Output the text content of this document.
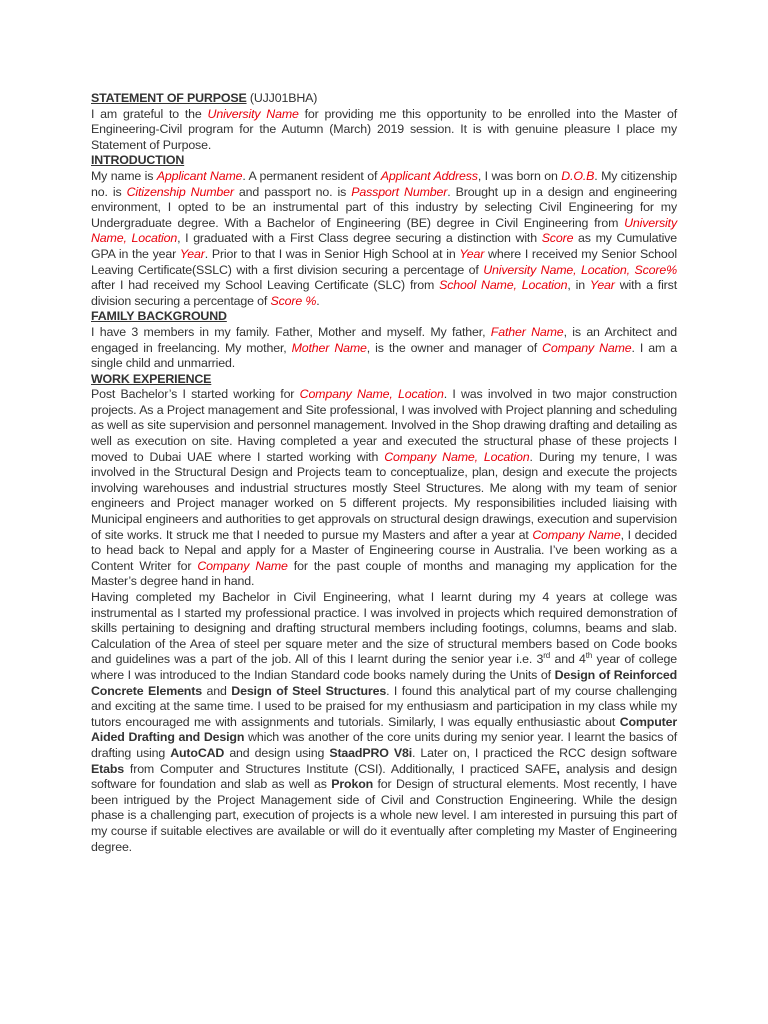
STATEMENT OF PURPOSE (UJJ01BHA)

I am grateful to the University Name for providing me this opportunity to be enrolled into the Master of Engineering-Civil program for the Autumn (March) 2019 session. It is with genuine pleasure I place my Statement of Purpose.

INTRODUCTION

My name is Applicant Name. A permanent resident of Applicant Address, I was born on D.O.B. My citizenship no. is Citizenship Number and passport no. is Passport Number. Brought up in a design and engineering environment, I opted to be an instrumental part of this industry by selecting Civil Engineering for my Undergraduate degree. With a Bachelor of Engineering (BE) degree in Civil Engineering from University Name, Location, I graduated with a First Class degree securing a distinction with Score as my Cumulative GPA in the year Year. Prior to that I was in Senior High School at in Year where I received my Senior School Leaving Certificate(SSLC) with a first division securing a percentage of University Name, Location, Score% after I had received my School Leaving Certificate (SLC) from School Name, Location, in Year with a first division securing a percentage of Score %.

FAMILY BACKGROUND

I have 3 members in my family. Father, Mother and myself. My father, Father Name, is an Architect and engaged in freelancing. My mother, Mother Name, is the owner and manager of Company Name. I am a single child and unmarried.

WORK EXPERIENCE

Post Bachelor’s I started working for Company Name, Location. I was involved in two major construction projects. As a Project management and Site professional, I was involved with Project planning and scheduling as well as site supervision and personnel management. Involved in the Shop drawing drafting and detailing as well as execution on site. Having completed a year and executed the structural phase of these projects I moved to Dubai UAE where I started working with Company Name, Location. During my tenure, I was involved in the Structural Design and Projects team to conceptualize, plan, design and execute the projects involving warehouses and industrial structures mostly Steel Structures. Me along with my team of senior engineers and Project manager worked on 5 different projects. My responsibilities included liaising with Municipal engineers and authorities to get approvals on structural design drawings, execution and supervision of site works. It struck me that I needed to pursue my Masters and after a year at Company Name, I decided to head back to Nepal and apply for a Master of Engineering course in Australia. I’ve been working as a Content Writer for Company Name for the past couple of months and managing my application for the Master’s degree hand in hand.

Having completed my Bachelor in Civil Engineering, what I learnt during my 4 years at college was instrumental as I started my professional practice. I was involved in projects which required demonstration of skills pertaining to designing and drafting structural members including footings, columns, beams and slab. Calculation of the Area of steel per square meter and the size of structural members based on Code books and guidelines was a part of the job. All of this I learnt during the senior year i.e. 3rd and 4th year of college where I was introduced to the Indian Standard code books namely during the Units of Design of Reinforced Concrete Elements and Design of Steel Structures. I found this analytical part of my course challenging and exciting at the same time. I used to be praised for my enthusiasm and participation in my class while my tutors encouraged me with assignments and tutorials. Similarly, I was equally enthusiastic about Computer Aided Drafting and Design which was another of the core units during my senior year. I learnt the basics of drafting using AutoCAD and design using StaadPRO V8i. Later on, I practiced the RCC design software Etabs from Computer and Structures Institute (CSI). Additionally, I practiced SAFE, analysis and design software for foundation and slab as well as Prokon for Design of structural elements. Most recently, I have been intrigued by the Project Management side of Civil and Construction Engineering. While the design phase is a challenging part, execution of projects is a whole new level. I am interested in pursuing this part of my course if suitable electives are available or will do it eventually after completing my Master of Engineering degree.
